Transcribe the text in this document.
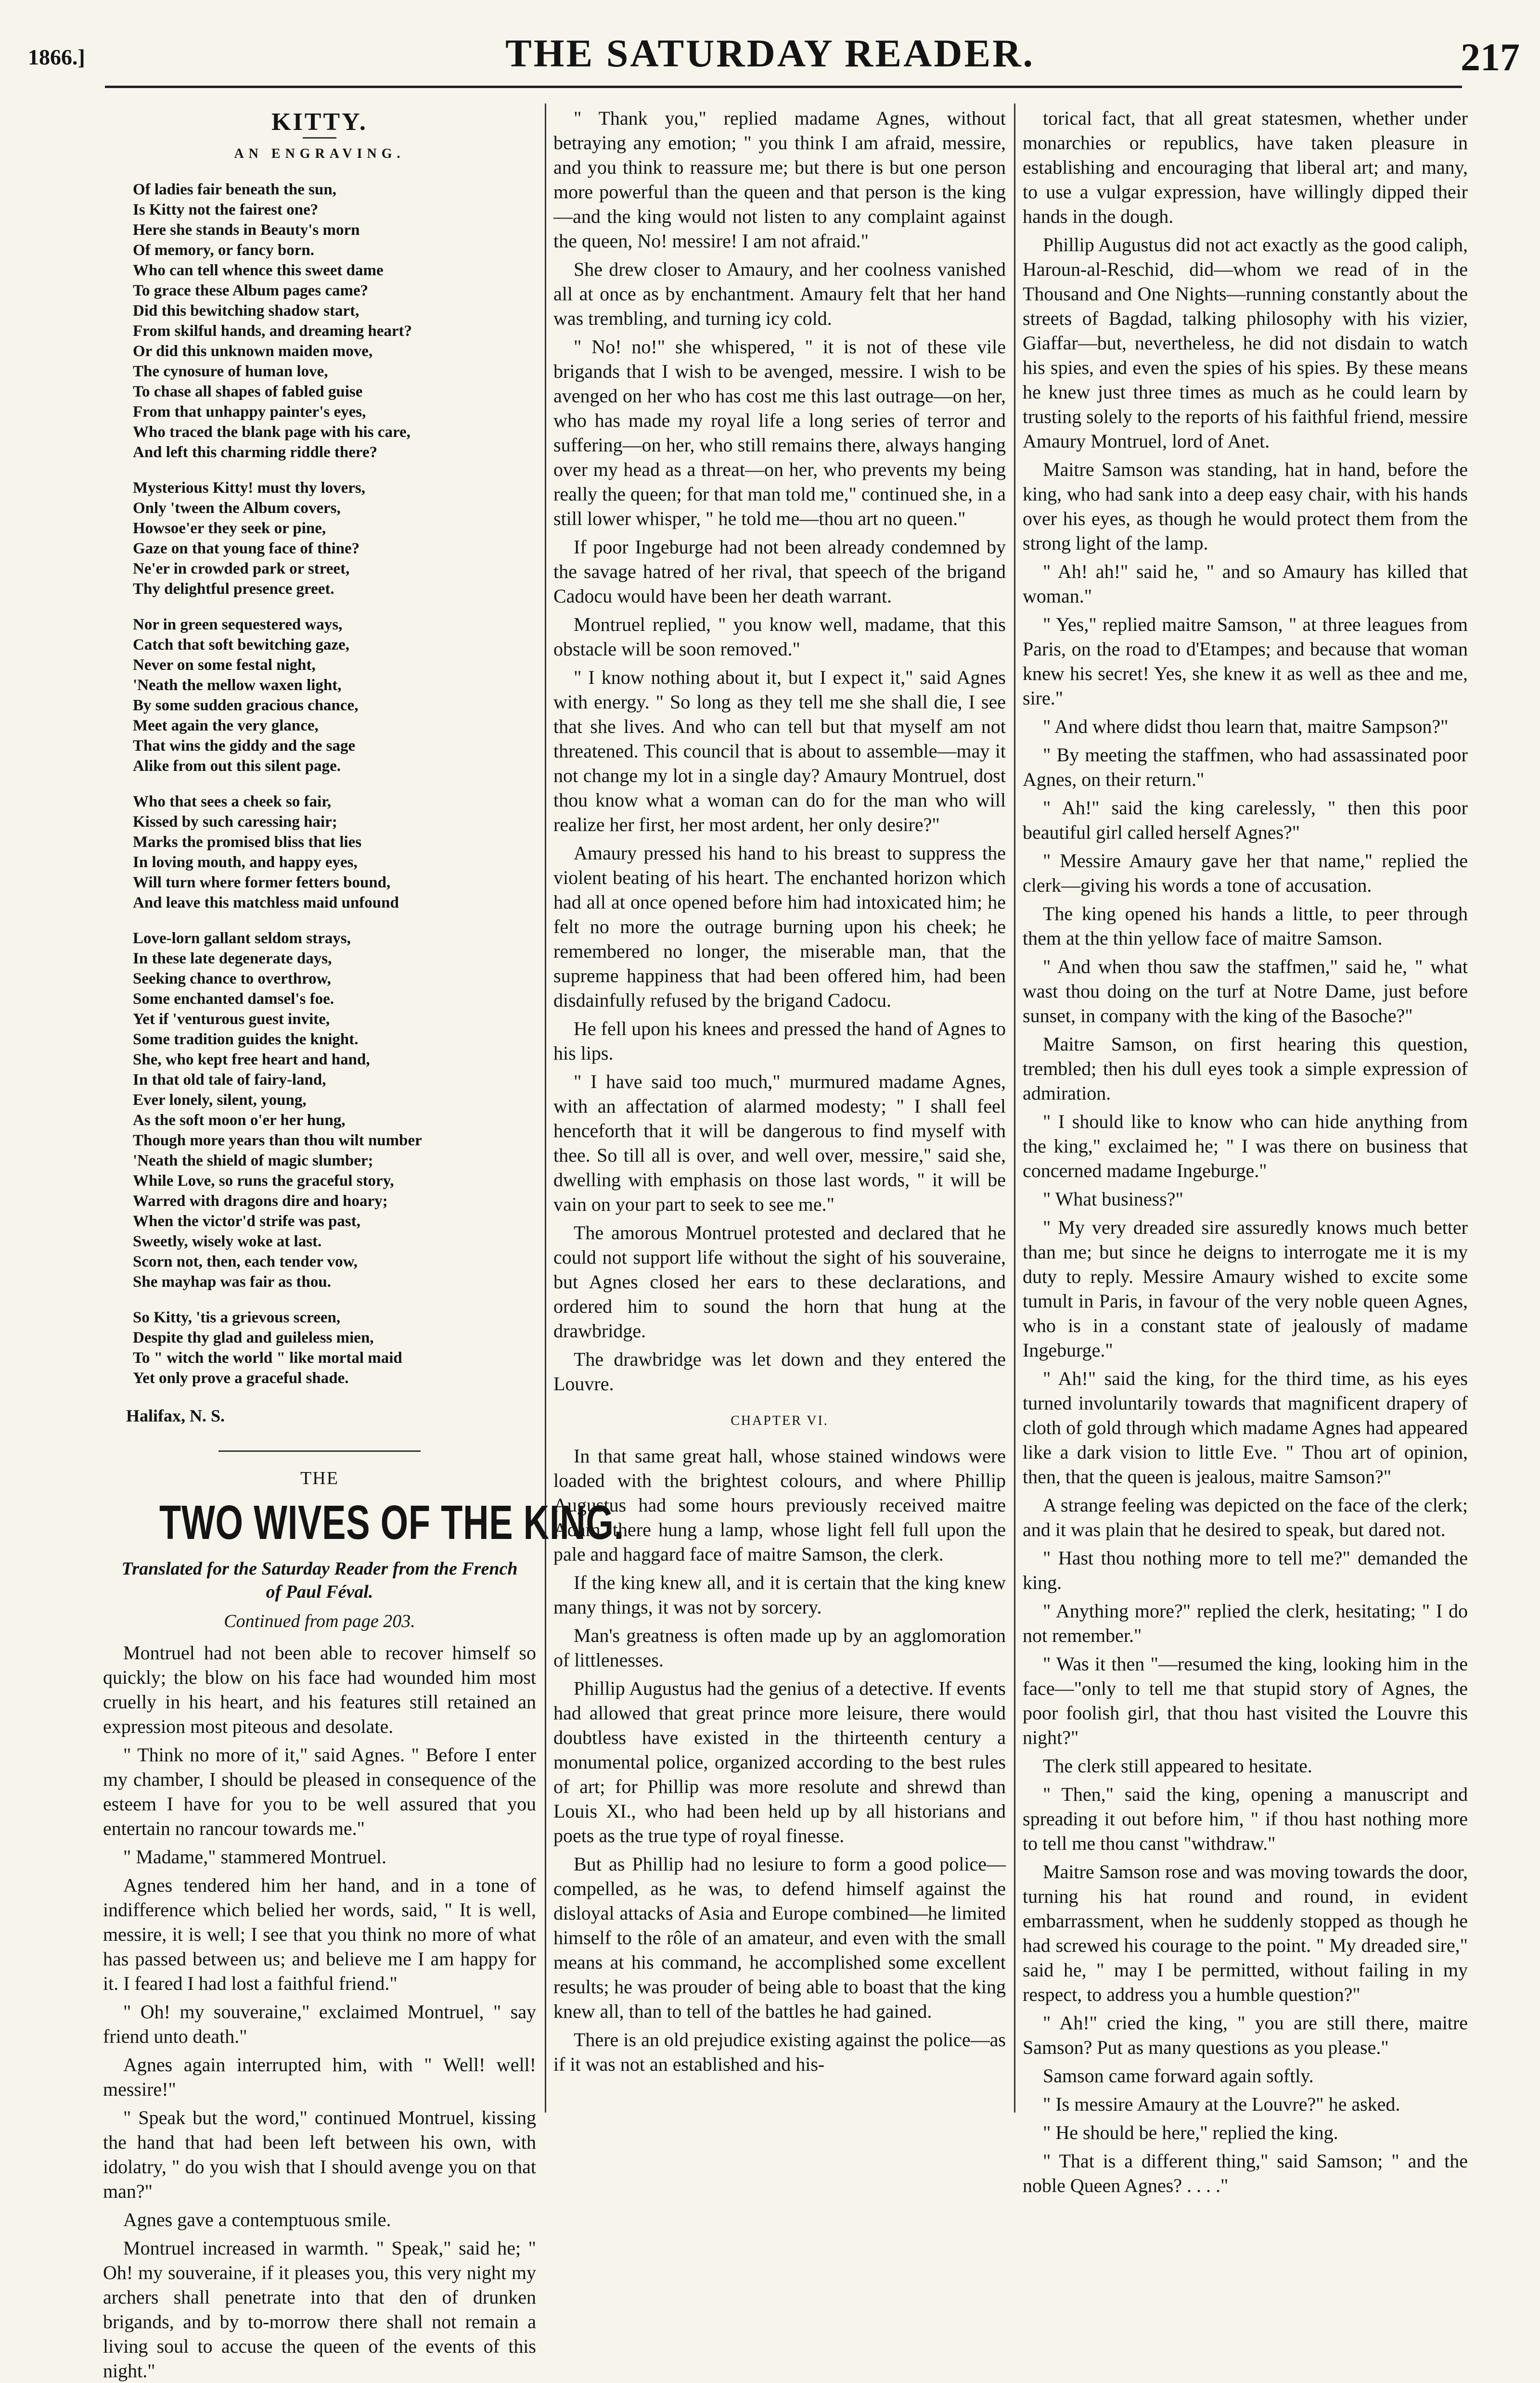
1866.]	THE SATURDAY READER.	217
KITTY.
AN ENGRAVING.
Of ladies fair beneath the sun,
Is Kitty not the fairest one?
Here she stands in Beauty's morn
Of memory, or fancy born.
Who can tell whence this sweet dame
To grace these Album pages came?
Did this bewitching shadow start,
From skilful hands, and dreaming heart?
Or did this unknown maiden move,
The cynosure of human love,
To chase all shapes of fabled guise
From that unhappy painter's eyes,
Who traced the blank page with his care,
And left this charming riddle there?
Mysterious Kitty! must thy lovers,
Only 'tween the Album covers,
Howsoe'er they seek or pine,
Gaze on that young face of thine?
Ne'er in crowded park or street,
Thy delightful presence greet.
Nor in green sequestered ways,
Catch that soft bewitching gaze,
Never on some festal night,
'Neath the mellow waxen light,
By some sudden gracious chance,
Meet again the very glance,
That wins the giddy and the sage
Alike from out this silent page.
Who that sees a cheek so fair,
Kissed by such caressing hair;
Marks the promised bliss that lies
In loving mouth, and happy eyes,
Will turn where former fetters bound,
And leave this matchless maid unfound
Love-lorn gallant seldom strays,
In these late degenerate days,
Seeking chance to overthrow,
Some enchanted damsel's foe.
Yet if 'venturous guest invite,
Some tradition guides the knight.
She, who kept free heart and hand,
In that old tale of fairy-land,
Ever lonely, silent, young,
As the soft moon o'er her hung,
Though more years than thou wilt number
'Neath the shield of magic slumber;
While Love, so runs the graceful story,
Warred with dragons dire and hoary;
When the victor'd strife was past,
Sweetly, wisely woke at last.
Scorn not, then, each tender vow,
She mayhap was fair as thou.
So Kitty, 'tis a grievous screen,
Despite thy glad and guileless mien,
To " witch the world " like mortal maid
Yet only prove a graceful shade.
Halifax, N. S.
THE
TWO WIVES OF THE KING.
Translated for the Saturday Reader from the French of Paul Féval.
Continued from page 203.

Montruel had not been able to recover himself so quickly; the blow on his face had wounded him most cruelly in his heart, and his features still retained an expression most piteous and desolate.

" Think no more of it," said Agnes. " Before I enter my chamber, I should be pleased in consequence of the esteem I have for you to be well assured that you entertain no rancour towards me."

" Madame," stammered Montruel.

Agnes tendered him her hand, and in a tone of indifference which belied her words, said, " It is well, messire, it is well; I see that you think no more of what has passed between us; and believe me I am happy for it. I feared I had lost a faithful friend."

" Oh! my souveraine," exclaimed Montruel, " say friend unto death."

Agnes again interrupted him, with " Well! well! messire!"

" Speak but the word," continued Montruel, kissing the hand that had been left between his own, with idolatry, " do you wish that I should avenge you on that man?"

Agnes gave a contemptuous smile.

Montruel increased in warmth. " Speak," said he; " Oh! my souveraine, if it pleases you, this very night my archers shall penetrate into that den of drunken brigands, and by to-morrow there shall not remain a living soul to accuse the queen of the events of this night."

" Thank you," replied madame Agnes, without betraying any emotion; " you think I am afraid, messire, and you think to reassure me; but there is but one person more powerful than the queen and that person is the king—and the king would not listen to any complaint against the queen, No! messire! I am not afraid."

She drew closer to Amaury, and her coolness vanished all at once as by enchantment. Amaury felt that her hand was trembling, and turning icy cold.

" No! no!" she whispered, " it is not of these vile brigands that I wish to be avenged, messire. I wish to be avenged on her who has cost me this last outrage—on her, who has made my royal life a long series of terror and suffering—on her, who still remains there, always hanging over my head as a threat—on her, who prevents my being really the queen; for that man told me," continued she, in a still lower whisper, " he told me—thou art no queen."

If poor Ingeburge had not been already condemned by the savage hatred of her rival, that speech of the brigand Cadocu would have been her death warrant.

Montruel replied, " you know well, madame, that this obstacle will be soon removed."

" I know nothing about it, but I expect it," said Agnes with energy. " So long as they tell me she shall die, I see that she lives. And who can tell but that myself am not threatened. This council that is about to assemble—may it not change my lot in a single day? Amaury Montruel, dost thou know what a woman can do for the man who will realize her first, her most ardent, her only desire?"

Amaury pressed his hand to his breast to suppress the violent beating of his heart. The enchanted horizon which had all at once opened before him had intoxicated him; he felt no more the outrage burning upon his cheek; he remembered no longer, the miserable man, that the supreme happiness that had been offered him, had been disdainfully refused by the brigand Cadocu.

He fell upon his knees and pressed the hand of Agnes to his lips.

" I have said too much," murmured madame Agnes, with an affectation of alarmed modesty; " I shall feel henceforth that it will be dangerous to find myself with thee. So till all is over, and well over, messire," said she, dwelling with emphasis on those last words, " it will be vain on your part to seek to see me."

The amorous Montruel protested and declared that he could not support life without the sight of his souveraine, but Agnes closed her ears to these declarations, and ordered him to sound the horn that hung at the drawbridge.

The drawbridge was let down and they entered the Louvre.

CHAPTER VI.

In that same great hall, whose stained windows were loaded with the brightest colours, and where Phillip Augustus had some hours previously received maitre Adam, there hung a lamp, whose light fell full upon the pale and haggard face of maitre Samson, the clerk.

If the king knew all, and it is certain that the king knew many things, it was not by sorcery.

Man's greatness is often made up by an agglomoration of littlenesses.

Phillip Augustus had the genius of a detective. If events had allowed that great prince more leisure, there would doubtless have existed in the thirteenth century a monumental police, organized according to the best rules of art; for Phillip was more resolute and shrewd than Louis XI., who had been held up by all historians and poets as the true type of royal finesse.

But as Phillip had no lesiure to form a good police—compelled, as he was, to defend himself against the disloyal attacks of Asia and Europe combined—he limited himself to the rôle of an amateur, and even with the small means at his command, he accomplished some excellent results; he was prouder of being able to boast that the king knew all, than to tell of the battles he had gained.

There is an old prejudice existing against the police—as if it was not an established and his-

torical fact, that all great statesmen, whether under monarchies or republics, have taken pleasure in establishing and encouraging that liberal art; and many, to use a vulgar expression, have willingly dipped their hands in the dough.

Phillip Augustus did not act exactly as the good caliph, Haroun-al-Reschid, did—whom we read of in the Thousand and One Nights—running constantly about the streets of Bagdad, talking philosophy with his vizier, Giaffar—but, nevertheless, he did not disdain to watch his spies, and even the spies of his spies. By these means he knew just three times as much as he could learn by trusting solely to the reports of his faithful friend, messire Amaury Montruel, lord of Anet.

Maitre Samson was standing, hat in hand, before the king, who had sank into a deep easy chair, with his hands over his eyes, as though he would protect them from the strong light of the lamp.

" Ah! ah!" said he, " and so Amaury has killed that woman."

" Yes," replied maitre Samson, " at three leagues from Paris, on the road to d'Etampes; and because that woman knew his secret! Yes, she knew it as well as thee and me, sire."

" And where didst thou learn that, maitre Sampson?"

" By meeting the staffmen, who had assassinated poor Agnes, on their return."

" Ah!" said the king carelessly, " then this poor beautiful girl called herself Agnes?"

" Messire Amaury gave her that name," replied the clerk—giving his words a tone of accusation.

The king opened his hands a little, to peer through them at the thin yellow face of maitre Samson.

" And when thou saw the staffmen," said he, " what wast thou doing on the turf at Notre Dame, just before sunset, in company with the king of the Basoche?"

Maitre Samson, on first hearing this question, trembled; then his dull eyes took a simple expression of admiration.

" I should like to know who can hide anything from the king," exclaimed he; " I was there on business that concerned madame Ingeburge."

" What business?"

" My very dreaded sire assuredly knows much better than me; but since he deigns to interrogate me it is my duty to reply. Messire Amaury wished to excite some tumult in Paris, in favour of the very noble queen Agnes, who is in a constant state of jealously of madame Ingeburge."

" Ah!" said the king, for the third time, as his eyes turned involuntarily towards that magnificent drapery of cloth of gold through which madame Agnes had appeared like a dark vision to little Eve. " Thou art of opinion, then, that the queen is jealous, maitre Samson?"

A strange feeling was depicted on the face of the clerk; and it was plain that he desired to speak, but dared not.

" Hast thou nothing more to tell me?" demanded the king.

" Anything more?" replied the clerk, hesitating; " I do not remember."

" Was it then "—resumed the king, looking him in the face—"only to tell me that stupid story of Agnes, the poor foolish girl, that thou hast visited the Louvre this night?"

The clerk still appeared to hesitate.

" Then," said the king, opening a manuscript and spreading it out before him, " if thou hast nothing more to tell me thou canst "withdraw."

Maitre Samson rose and was moving towards the door, turning his hat round and round, in evident embarrassment, when he suddenly stopped as though he had screwed his courage to the point. " My dreaded sire," said he, " may I be permitted, without failing in my respect, to address you a humble question?"

" Ah!" cried the king, " you are still there, maitre Samson? Put as many questions as you please."

Samson came forward again softly.

" Is messire Amaury at the Louvre?" he asked.

" He should be here," replied the king.

" That is a different thing," said Samson; " and the noble Queen Agnes? . . . ."
